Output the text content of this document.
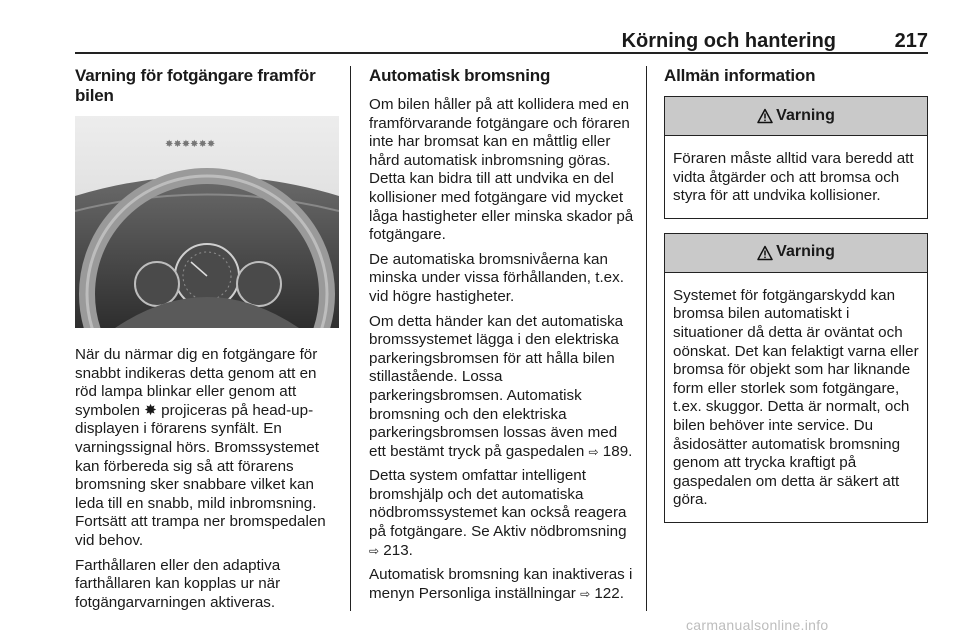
Körning och hantering	217
Varning för fotgängare framför bilen
✸✸✸✸✸✸

När du närmar dig en fotgängare för snabbt indikeras detta genom att en röd lampa blinkar eller genom att symbolen ✸ projiceras på head-up-displayen i förarens synfält. En varningssignal hörs. Bromssystemet kan förbereda sig så att förarens bromsning sker snabbare vilket kan leda till en snabb, mild inbromsning. Fortsätt att trampa ner bromspedalen vid behov.

Farthållaren eller den adaptiva farthållaren kan kopplas ur när fotgängarvarningen aktiveras.

Automatisk bromsning

Om bilen håller på att kollidera med en framförvarande fotgängare och föraren inte har bromsat kan en måttlig eller hård automatisk inbromsning göras. Detta kan bidra till att undvika en del kollisioner med fotgängare vid mycket låga hastigheter eller minska skador på fotgängare.

De automatiska bromsnivåerna kan minska under vissa förhållanden, t.ex. vid högre hastigheter.

Om detta händer kan det automatiska bromssystemet lägga i den elektriska parkeringsbromsen för att hålla bilen stillastående. Lossa parkeringsbromsen. Automatisk bromsning och den elektriska parkeringsbromsen lossas även med ett bestämt tryck på gaspedalen ⇨ 189.

Detta system omfattar intelligent bromshjälp och det automatiska nödbromssystemet kan också reagera på fotgängare. Se Aktiv nödbromsning ⇨ 213.

Automatisk bromsning kan inaktiveras i menyn Personliga inställningar ⇨ 122.

Allmän information
Varning
Föraren måste alltid vara beredd att vidta åtgärder och att bromsa och styra för att undvika kollisioner.
Varning
Systemet för fotgängarskydd kan bromsa bilen automatiskt i situationer då detta är oväntat och oönskat. Det kan felaktigt varna eller bromsa för objekt som har liknande form eller storlek som fotgängare, t.ex. skuggor. Detta är normalt, och bilen behöver inte service. Du åsidosätter automatisk bromsning genom att trycka kraftigt på gaspedalen om detta är säkert att göra.
carmanualsonline.info
